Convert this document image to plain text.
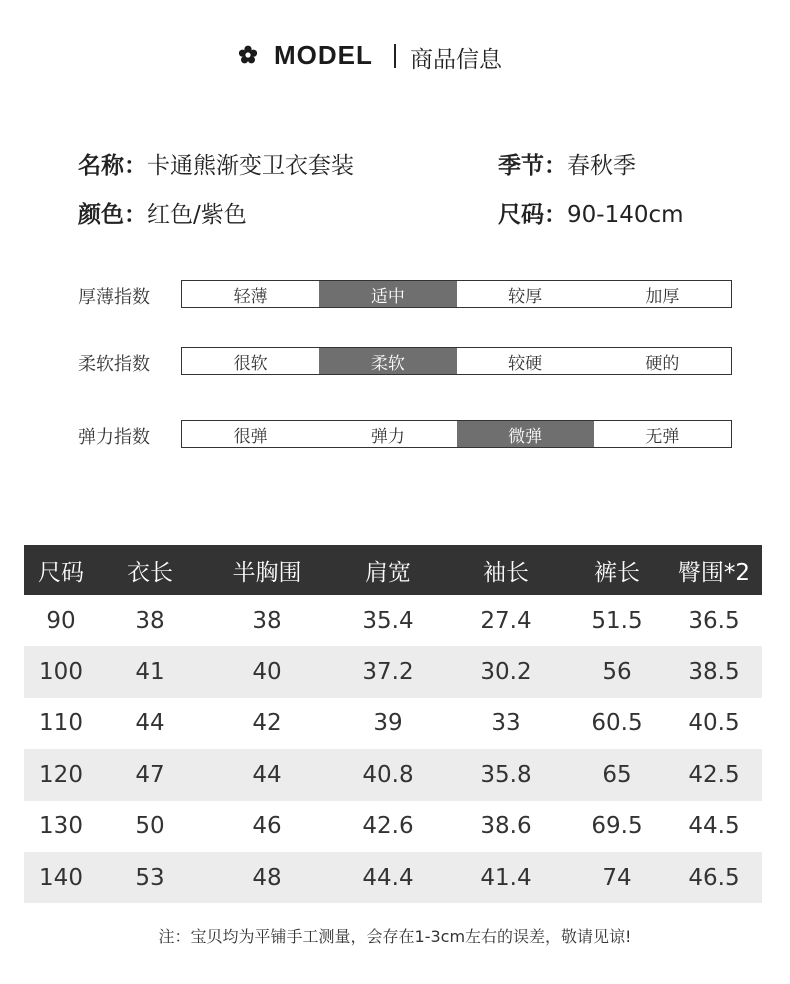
MODEL 商品信息
名称：卡通熊渐变卫衣套装	季节：春秋季
颜色：红色/紫色	尺码：90-140cm
厚薄指数	轻薄	适中	较厚	加厚
柔软指数	很软	柔软	较硬	硬的
弹力指数	很弹	弹力	微弹	无弹
尺码	衣长	半胸围	肩宽	袖长	裤长	臀围*2
90	38	38	35.4	27.4	51.5	36.5
100	41	40	37.2	30.2	56	38.5
110	44	42	39	33	60.5	40.5
120	47	44	40.8	35.8	65	42.5
130	50	46	42.6	38.6	69.5	44.5
140	53	48	44.4	41.4	74	46.5
注：宝贝均为平铺手工测量，会存在1-3cm左右的误差，敬请见谅!
